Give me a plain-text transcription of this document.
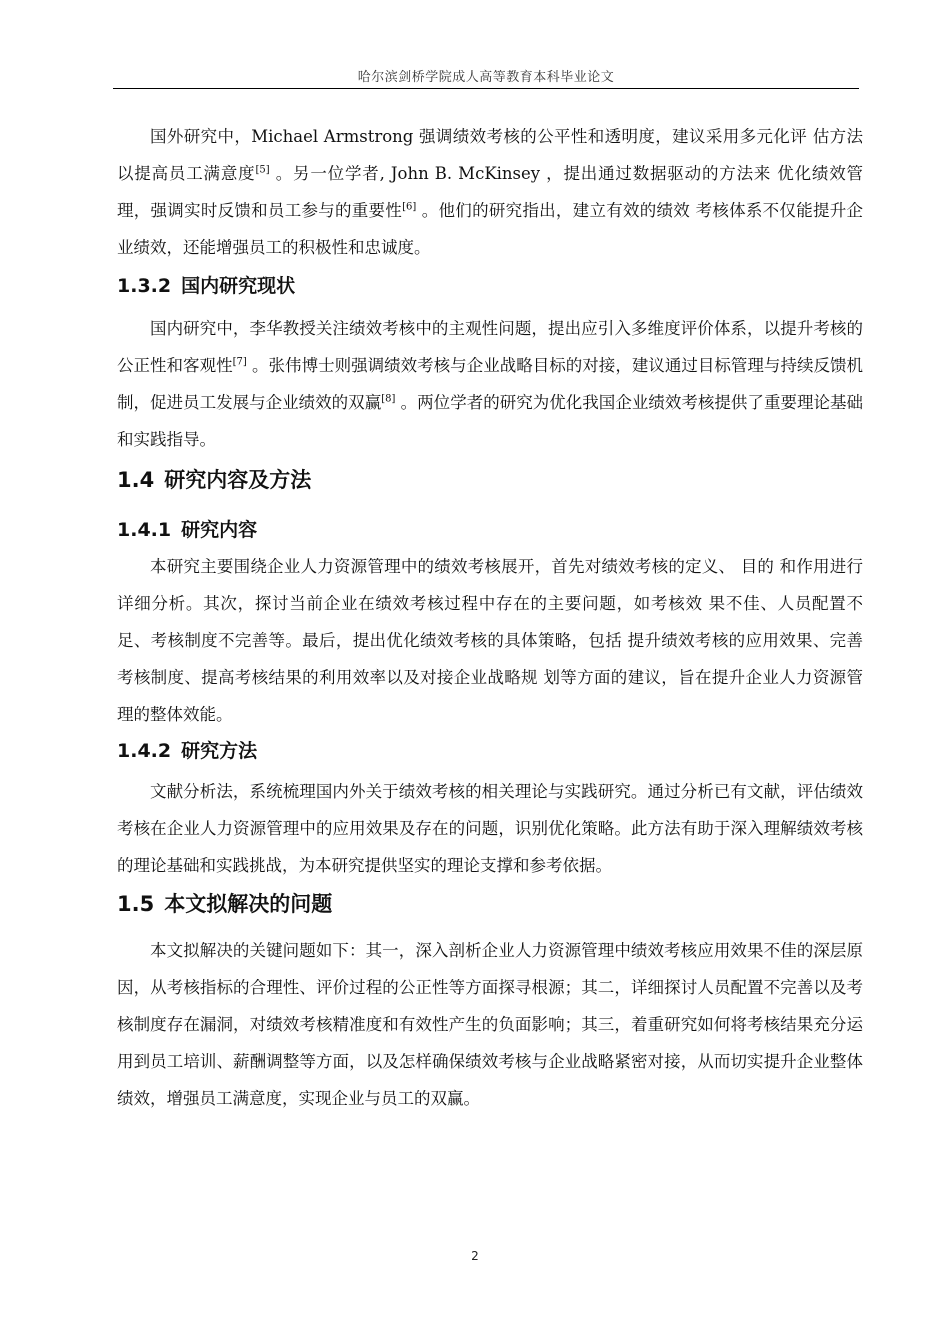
哈尔滨剑桥学院成人高等教育本科毕业论文

国外研究中，Michael Armstrong 强调绩效考核的公平性和透明度，建议采用多元化评 估方法以提高员工满意度[5] 。另一位学者, John B. McKinsey ，提出通过数据驱动的方法来 优化绩效管理，强调实时反馈和员工参与的重要性[6] 。他们的研究指出，建立有效的绩效 考核体系不仅能提升企业绩效，还能增强员工的积极性和忠诚度。

1.3.2 国内研究现状

国内研究中，李华教授关注绩效考核中的主观性问题，提出应引入多维度评价体系，以提升考核的公正性和客观性[7] 。张伟博士则强调绩效考核与企业战略目标的对接，建议通过目标管理与持续反馈机制，促进员工发展与企业绩效的双赢[8] 。两位学者的研究为优化我国企业绩效考核提供了重要理论基础和实践指导。

1.4 研究内容及方法
1.4.1 研究内容

本研究主要围绕企业人力资源管理中的绩效考核展开，首先对绩效考核的定义、 目的 和作用进行详细分析。其次，探讨当前企业在绩效考核过程中存在的主要问题，如考核效 果不佳、人员配置不足、考核制度不完善等。最后，提出优化绩效考核的具体策略，包括 提升绩效考核的应用效果、完善考核制度、提高考核结果的利用效率以及对接企业战略规 划等方面的建议，旨在提升企业人力资源管理的整体效能。

1.4.2 研究方法

文献分析法，系统梳理国内外关于绩效考核的相关理论与实践研究。通过分析已有文献，评估绩效考核在企业人力资源管理中的应用效果及存在的问题，识别优化策略。此方法有助于深入理解绩效考核的理论基础和实践挑战，为本研究提供坚实的理论支撑和参考依据。

1.5 本文拟解决的问题

本文拟解决的关键问题如下：其一，深入剖析企业人力资源管理中绩效考核应用效果不佳的深层原因，从考核指标的合理性、评价过程的公正性等方面探寻根源；其二，详细探讨人员配置不完善以及考核制度存在漏洞，对绩效考核精准度和有效性产生的负面影响；其三，着重研究如何将考核结果充分运用到员工培训、薪酬调整等方面，以及怎样确保绩效考核与企业战略紧密对接，从而切实提升企业整体绩效，增强员工满意度，实现企业与员工的双赢。

2
